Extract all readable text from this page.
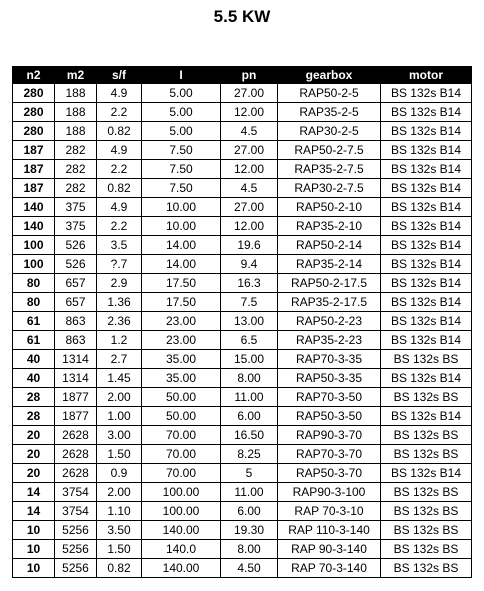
5.5 KW
n2	m2	s/f	I	pn	gearbox	motor
280	188	4.9	5.00	27.00	RAP50-2-5	BS 132s B14
280	188	2.2	5.00	12.00	RAP35-2-5	BS 132s B14
280	188	0.82	5.00	4.5	RAP30-2-5	BS 132s B14
187	282	4.9	7.50	27.00	RAP50-2-7.5	BS 132s B14
187	282	2.2	7.50	12.00	RAP35-2-7.5	BS 132s B14
187	282	0.82	7.50	4.5	RAP30-2-7.5	BS 132s B14
140	375	4.9	10.00	27.00	RAP50-2-10	BS 132s B14
140	375	2.2	10.00	12.00	RAP35-2-10	BS 132s B14
100	526	3.5	14.00	19.6	RAP50-2-14	BS 132s B14
100	526	?.7	14.00	9.4	RAP35-2-14	BS 132s B14
80	657	2.9	17.50	16.3	RAP50-2-17.5	BS 132s B14
80	657	1.36	17.50	7.5	RAP35-2-17.5	BS 132s B14
61	863	2.36	23.00	13.00	RAP50-2-23	BS 132s B14
61	863	1.2	23.00	6.5	RAP35-2-23	BS 132s B14
40	1314	2.7	35.00	15.00	RAP70-3-35	BS 132s BS
40	1314	1.45	35.00	8.00	RAP50-3-35	BS 132s B14
28	1877	2.00	50.00	11.00	RAP70-3-50	BS 132s BS
28	1877	1.00	50.00	6.00	RAP50-3-50	BS 132s B14
20	2628	3.00	70.00	16.50	RAP90-3-70	BS 132s BS
20	2628	1.50	70.00	8.25	RAP70-3-70	BS 132s BS
20	2628	0.9	70.00	5	RAP50-3-70	BS 132s B14
14	3754	2.00	100.00	11.00	RAP90-3-100	BS 132s BS
14	3754	1.10	100.00	6.00	RAP 70-3-10	BS 132s BS
10	5256	3.50	140.00	19.30	RAP 110-3-140	BS 132s BS
10	5256	1.50	140.0	8.00	RAP 90-3-140	BS 132s BS
10	5256	0.82	140.00	4.50	RAP 70-3-140	BS 132s BS
